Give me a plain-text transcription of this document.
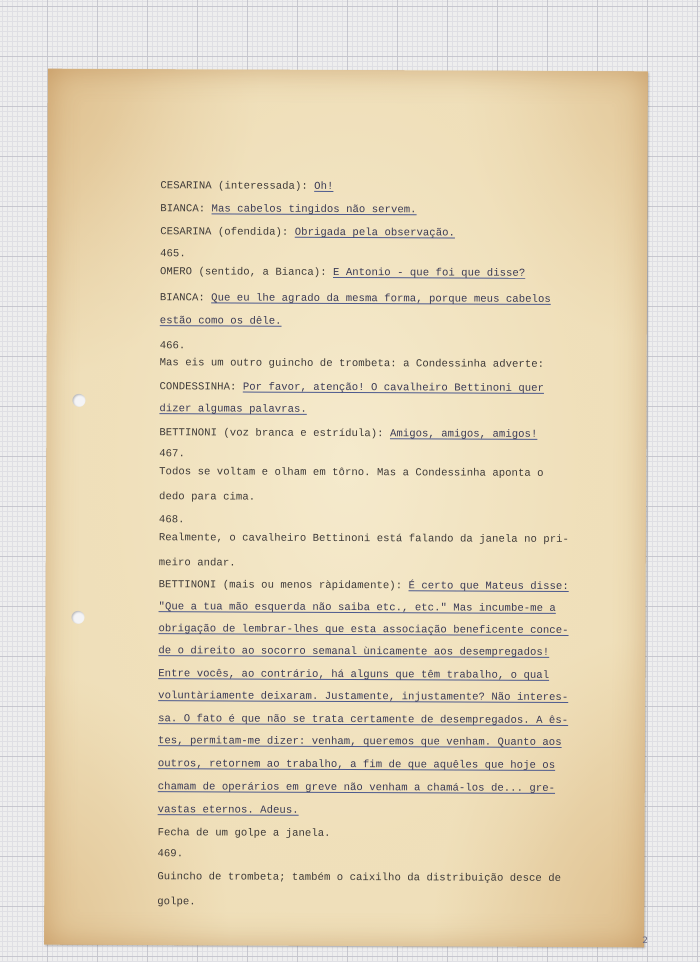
CESARINA (interessada): Oh!
BIANCA: Mas cabelos tingidos não servem.
CESARINA (ofendida): Obrigada pela observação.
465.
OMERO (sentido, a Bianca): E Antonio - que foi que disse?
BIANCA: Que eu lhe agrado da mesma forma, porque meus cabelos
estão como os dêle.
466.
Mas eis um outro guincho de trombeta: a Condessinha adverte:
CONDESSINHA: Por favor, atenção! O cavalheiro Bettinoni quer
dizer algumas palavras.
BETTINONI (voz branca e estrídula): Amigos, amigos, amigos!
467.
Todos se voltam e olham em tôrno. Mas a Condessinha aponta o
dedo para cima.
468.
Realmente, o cavalheiro Bettinoni está falando da janela no pri-
meiro andar.
BETTINONI (mais ou menos ràpidamente): É certo que Mateus disse:
"Que a tua mão esquerda não saiba etc., etc." Mas incumbe-me a
obrigação de lembrar-lhes que esta associação beneficente conce-
de o direito ao socorro semanal ùnicamente aos desempregados!
Entre vocês, ao contrário, há alguns que têm trabalho, o qual
voluntàriamente deixaram. Justamente, injustamente? Não interes-
sa. O fato é que não se trata certamente de desempregados. A ês-
tes, permitam-me dizer: venham, queremos que venham. Quanto aos
outros, retornem ao trabalho, a fim de que aquêles que hoje os
chamam de operários em greve não venham a chamá-los de... gre-
vastas eternos. Adeus.
Fecha de um golpe a janela.
469.
Guincho de trombeta; também o caixilho da distribuição desce de
golpe.
2
